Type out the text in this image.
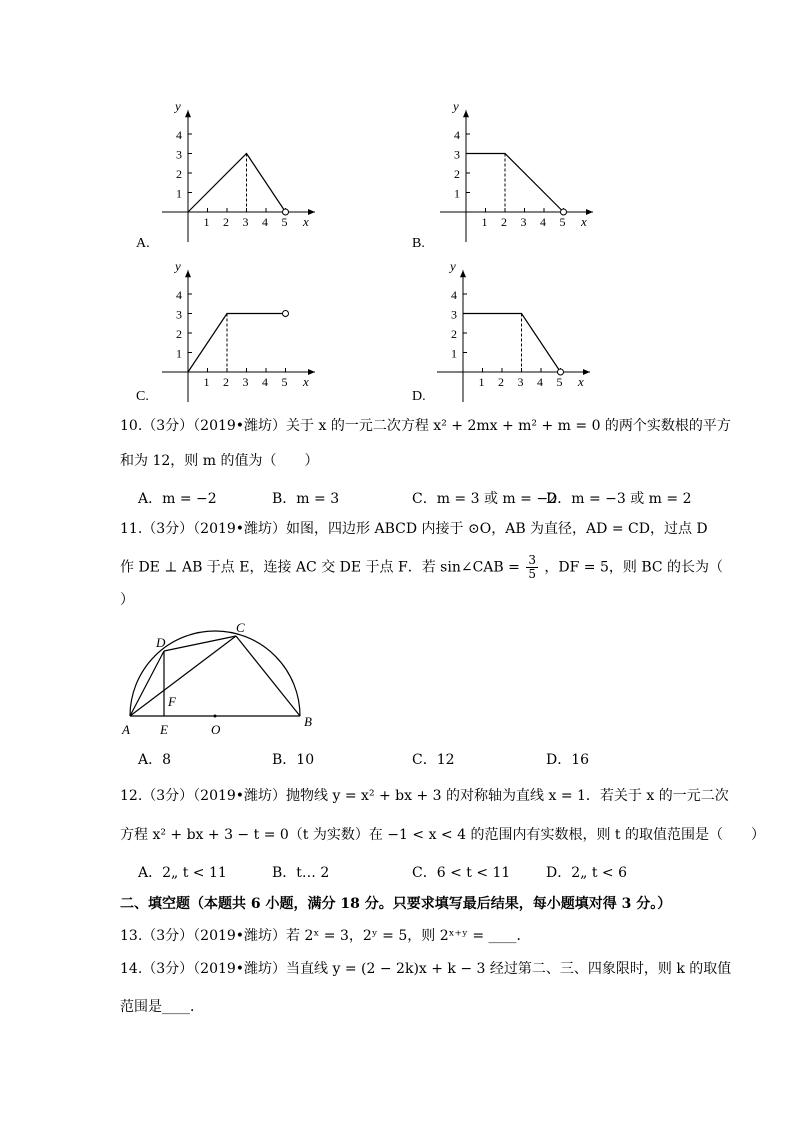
x
y
1
1
2
2
3
3
4
4 5
A.
x
y
1
1
2
2
3
3
4
4 5
B.
x
y
1
1
2
2
3
3
4
4 5
C.
x
y
1
1
2
2
3
3
4
4 5
D.
10.（3分）（2019•潍坊）关于 x 的一元二次方程 x² + 2mx + m² + m = 0 的两个实数根的平方
和为 12，则 m 的值为（　　）
A．m = −2	B．m = 3	C．m = 3 或 m = −2
D．m = −3 或 m = 2
11.（3分）（2019•潍坊）如图，四边形 ABCD 内接于 ⊙O，AB 为直径，AD = CD，过点 D
作 DE ⊥ AB 于点 E，连接 AC 交 DE 于点 F．若 sin∠CAB = $\frac{3}{5}$ ，DF = 5，则 BC 的长为（
）
A
B
C
D
E
F
O
A．8	B．10	C．12	D．16
12.（3分）（2019•潍坊）抛物线 y = x² + bx + 3 的对称轴为直线 x = 1．若关于 x 的一元二次
方程 x² + bx + 3 − t = 0（t 为实数）在 −1 < x < 4 的范围内有实数根，则 t 的取值范围是（　　）
A．2„ t < 11	B．t… 2	C．6 < t < 11	D．2„ t < 6
二、填空题（本题共 6 小题，满分 18 分。只要求填写最后结果，每小题填对得 3 分。）
13.（3分）（2019•潍坊）若 2ˣ = 3，2ʸ = 5，则 2ˣ⁺ʸ = ____．
14.（3分）（2019•潍坊）当直线 y = (2 − 2k)x + k − 3 经过第二、三、四象限时，则 k 的取值
范围是____．
